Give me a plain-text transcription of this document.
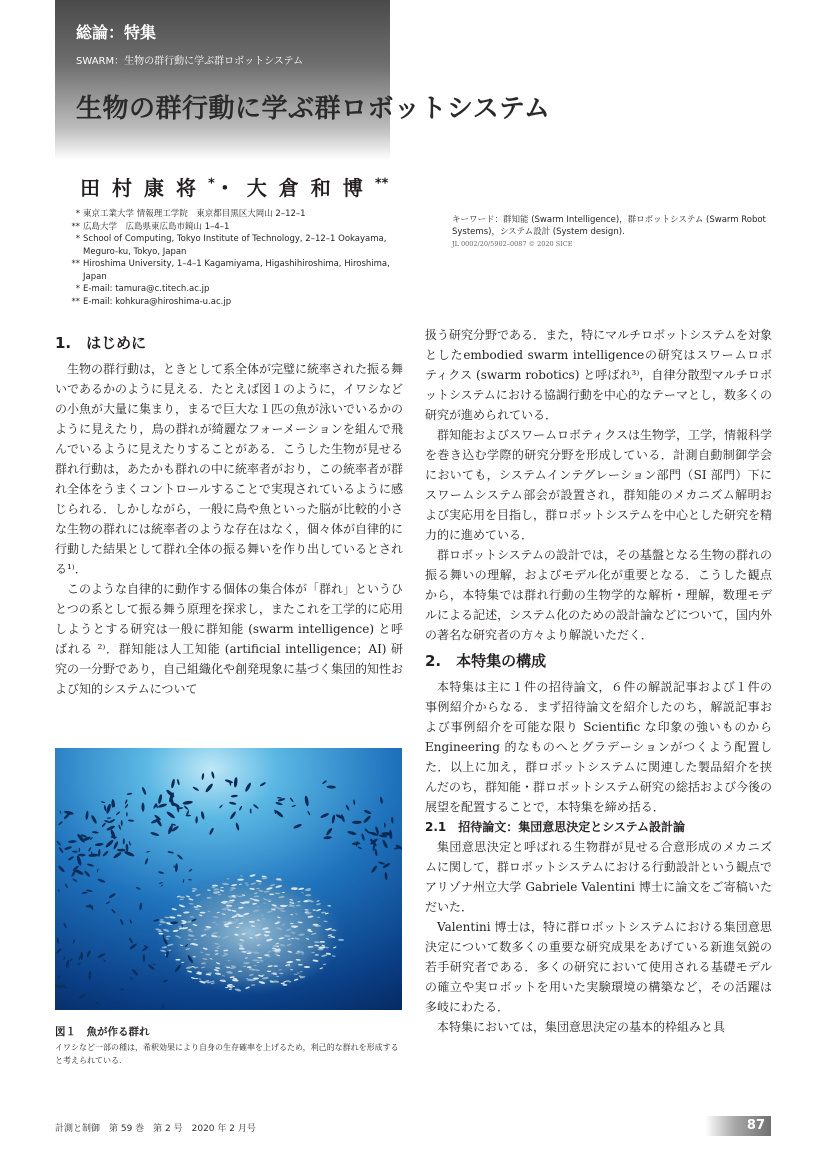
総論：特集
SWARM：生物の群行動に学ぶ群ロボットシステム
生物の群行動に学ぶ群ロボットシステム
田村康将*・大倉和博**
* 東京工業大学 情報理工学院　東京都目黒区大岡山 2–12–1
** 広島大学　広島県東広島市鏡山 1–4–1
* School of Computing, Tokyo Institute of Technology, 2–12–1 Ookayama, Meguro-ku, Tokyo, Japan
** Hiroshima University, 1–4–1 Kagamiyama, Higashihiroshima, Hiroshima, Japan
* E-mail: tamura@c.titech.ac.jp
** E-mail: kohkura@hiroshima-u.ac.jp
キーワード：群知能 (Swarm Intelligence)，群ロボットシステム (Swarm Robot Systems)，システム設計 (System design).
JL 0002/20/5902–0087 © 2020 SICE
1.　はじめに

生物の群行動は，ときとして系全体が完璧に統率された振る舞いであるかのように見える．たとえば図１のように，イワシなどの小魚が大量に集まり，まるで巨大な１匹の魚が泳いでいるかのように見えたり，鳥の群れが綺麗なフォーメーションを組んで飛んでいるように見えたりすることがある．こうした生物が見せる群れ行動は，あたかも群れの中に統率者がおり，この統率者が群れ全体をうまくコントロールすることで実現されているように感じられる．しかしながら，一般に鳥や魚といった脳が比較的小さな生物の群れには統率者のような存在はなく，個々体が自律的に行動した結果として群れ全体の振る舞いを作り出しているとされる¹⁾．

このような自律的に動作する個体の集合体が「群れ」というひとつの系として振る舞う原理を探求し，またこれを工学的に応用しようとする研究は一般に群知能 (swarm intelligence) と呼ばれる ²⁾．群知能は人工知能 (artificial intelligence；AI) 研究の一分野であり，自己組織化や創発現象に基づく集団的知性および知的システムについて

図１　魚が作る群れ
イワシなど一部の種は，希釈効果により自身の生存確率を上げるため，利己的な群れを形成すると考えられている.

扱う研究分野である．また，特にマルチロボットシステムを対象としたembodied swarm intelligenceの研究はスワームロボティクス (swarm robotics) と呼ばれ³⁾，自律分散型マルチロボットシステムにおける協調行動を中心的なテーマとし，数多くの研究が進められている．

群知能およびスワームロボティクスは生物学，工学，情報科学を巻き込む学際的研究分野を形成している．計測自動制御学会においても，システムインテグレーション部門（SI 部門）下にスワームシステム部会が設置され，群知能のメカニズム解明および実応用を目指し，群ロボットシステムを中心とした研究を精力的に進めている．

群ロボットシステムの設計では，その基盤となる生物の群れの振る舞いの理解，およびモデル化が重要となる．こうした観点から，本特集では群れ行動の生物学的な解析・理解，数理モデルによる記述，システム化のための設計論などについて，国内外の著名な研究者の方々より解説いただく．

2.　本特集の構成

本特集は主に１件の招待論文，６件の解説記事および１件の事例紹介からなる．まず招待論文を紹介したのち，解説記事および事例紹介を可能な限り Scientific な印象の強いものから Engineering 的なものへとグラデーションがつくよう配置した．以上に加え，群ロボットシステムに関連した製品紹介を挟んだのち，群知能・群ロボットシステム研究の総括および今後の展望を配置することで，本特集を締め括る．

2.1　招待論文：集団意思決定とシステム設計論

集団意思決定と呼ばれる生物群が見せる合意形成のメカニズムに関して，群ロボットシステムにおける行動設計という観点でアリゾナ州立大学 Gabriele Valentini 博士に論文をご寄稿いただいた．

Valentini 博士は，特に群ロボットシステムにおける集団意思決定について数多くの重要な研究成果をあげている新進気鋭の若手研究者である．多くの研究において使用される基礎モデルの確立や実ロボットを用いた実験環境の構築など，その活躍は多岐にわたる．

本特集においては，集団意思決定の基本的枠組みと具

計測と制御　第 59 巻　第 2 号　2020 年 2 月号	87
